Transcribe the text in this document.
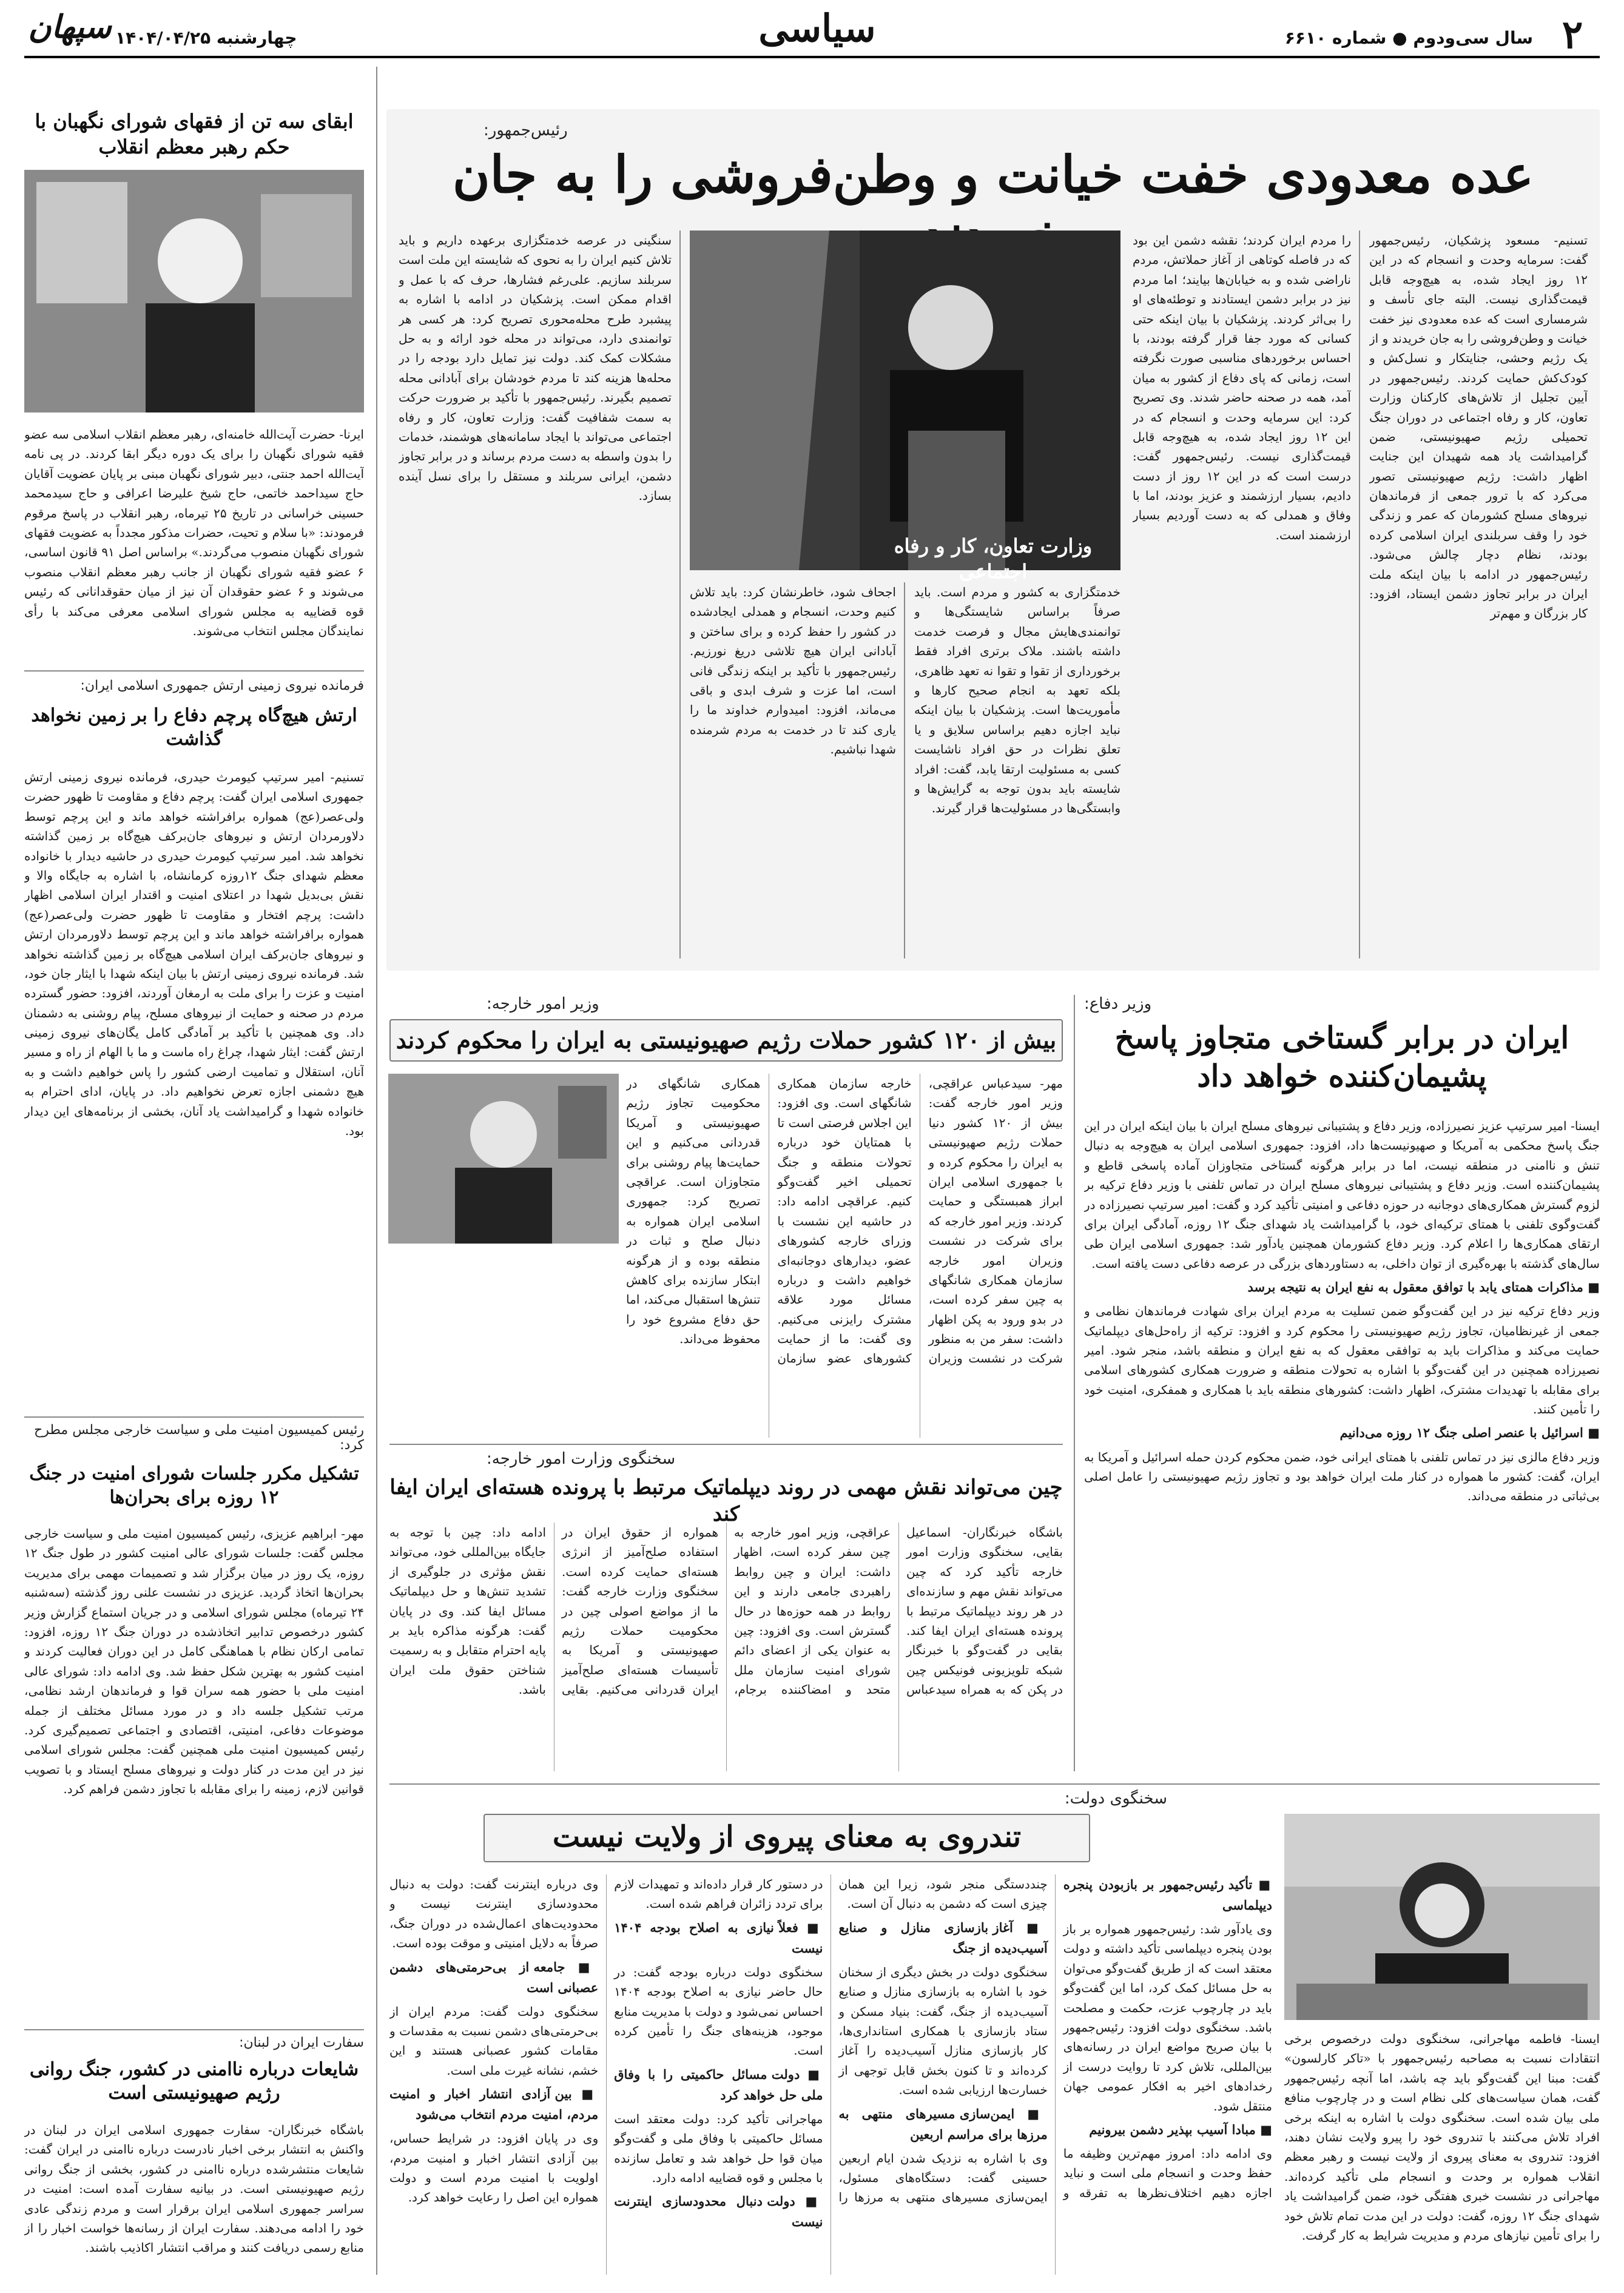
۲
سال سی‌ودوم ● شماره ۶۶۱۰
سیاسی
چهارشنبه ۱۴۰۴/۰۴/۲۵
سپهان
ابقای سه تن از فقهای شورای نگهبان با حکم رهبر معظم انقلاب
ایرنا- حضرت آیت‌الله خامنه‌ای، رهبر معظم انقلاب اسلامی سه عضو فقیه شورای نگهبان را برای یک دوره دیگر ابقا کردند. در پی نامه آیت‌الله احمد جنتی، دبیر شورای نگهبان مبنی بر پایان عضویت آقایان حاج سیداحمد خاتمی، حاج شیخ علیرضا اعرافی و حاج سیدمحمد حسینی خراسانی در تاریخ ۲۵ تیرماه، رهبر انقلاب در پاسخ مرقوم فرمودند: «با سلام و تحیت، حضرات مذکور مجدداً به عضویت فقهای شورای نگهبان منصوب می‌گردند.» براساس اصل ۹۱ قانون اساسی، ۶ عضو فقیه شورای نگهبان از جانب رهبر معظم انقلاب منصوب می‌شوند و ۶ عضو حقوقدان آن نیز از میان حقوقدانانی که رئیس قوه قضاییه به مجلس شورای اسلامی معرفی می‌کند با رأی نمایندگان مجلس انتخاب می‌شوند.
فرمانده نیروی زمینی ارتش جمهوری اسلامی ایران:
ارتش هیچ‌گاه پرچم دفاع را بر زمین نخواهد گذاشت
تسنیم- امیر سرتیپ کیومرث حیدری، فرمانده نیروی زمینی ارتش جمهوری اسلامی ایران گفت: پرچم دفاع و مقاومت تا ظهور حضرت ولی‌عصر(عج) همواره برافراشته خواهد ماند و این پرچم توسط دلاورمردان ارتش و نیروهای جان‌برکف هیچ‌گاه بر زمین گذاشته نخواهد شد. امیر سرتیپ کیومرث حیدری در حاشیه دیدار با خانواده معظم شهدای جنگ ۱۲روزه کرمانشاه، با اشاره به جایگاه والا و نقش بی‌بدیل شهدا در اعتلای امنیت و اقتدار ایران اسلامی اظهار داشت: پرچم افتخار و مقاومت تا ظهور حضرت ولی‌عصر(عج) همواره برافراشته خواهد ماند و این پرچم توسط دلاورمردان ارتش و نیروهای جان‌برکف ایران اسلامی هیچ‌گاه بر زمین گذاشته نخواهد شد. فرمانده نیروی زمینی ارتش با بیان اینکه شهدا با ایثار جان خود، امنیت و عزت را برای ملت به ارمغان آوردند، افزود: حضور گسترده مردم در صحنه و حمایت از نیروهای مسلح، پیام روشنی به دشمنان داد. وی همچنین با تأکید بر آمادگی کامل یگان‌های نیروی زمینی ارتش گفت: ایثار شهدا، چراغ راه ماست و ما با الهام از راه و مسیر آنان، استقلال و تمامیت ارضی کشور را پاس خواهیم داشت و به هیچ دشمنی اجازه تعرض نخواهیم داد. در پایان، ادای احترام به خانواده شهدا و گرامیداشت یاد آنان، بخشی از برنامه‌های این دیدار بود.
رئیس کمیسیون امنیت ملی و سیاست خارجی مجلس مطرح کرد:
تشکیل مکرر جلسات شورای امنیت در جنگ ۱۲ روزه برای بحران‌ها
مهر- ابراهیم عزیزی، رئیس کمیسیون امنیت ملی و سیاست خارجی مجلس گفت: جلسات شورای عالی امنیت کشور در طول جنگ ۱۲ روزه، یک روز در میان برگزار شد و تصمیمات مهمی برای مدیریت بحران‌ها اتخاذ گردید. عزیزی در نشست علنی روز گذشته (سه‌شنبه ۲۴ تیرماه) مجلس شورای اسلامی و در جریان استماع گزارش وزیر کشور درخصوص تدابیر اتخاذشده در دوران جنگ ۱۲ روزه، افزود: تمامی ارکان نظام با هماهنگی کامل در این دوران فعالیت کردند و امنیت کشور به بهترین شکل حفظ شد. وی ادامه داد: شورای عالی امنیت ملی با حضور همه سران قوا و فرماندهان ارشد نظامی، مرتب تشکیل جلسه داد و در مورد مسائل مختلف از جمله موضوعات دفاعی، امنیتی، اقتصادی و اجتماعی تصمیم‌گیری کرد. رئیس کمیسیون امنیت ملی همچنین گفت: مجلس شورای اسلامی نیز در این مدت در کنار دولت و نیروهای مسلح ایستاد و با تصویب قوانین لازم، زمینه را برای مقابله با تجاوز دشمن فراهم کرد.
سفارت ایران در لبنان:
شایعات درباره ناامنی در کشور، جنگ روانی رژیم صهیونیستی است
باشگاه خبرنگاران- سفارت جمهوری اسلامی ایران در لبنان در واکنش به انتشار برخی اخبار نادرست درباره ناامنی در ایران گفت: شایعات منتشرشده درباره ناامنی در کشور، بخشی از جنگ روانی رژیم صهیونیستی است. در بیانیه سفارت آمده است: امنیت در سراسر جمهوری اسلامی ایران برقرار است و مردم زندگی عادی خود را ادامه می‌دهند. سفارت ایران از رسانه‌ها خواست اخبار را از منابع رسمی دریافت کنند و مراقب انتشار اکاذیب باشند.
رئیس‌جمهور:
عده معدودی خفت خیانت و وطن‌فروشی را به جان
تسنیم- مسعود پزشکیان، رئیس‌جمهور گفت: سرمایه وحدت و انسجام که در این ۱۲ روز ایجاد شده، به هیچ‌وجه قابل قیمت‌گذاری نیست. البته جای تأسف و شرمساری است که عده معدودی نیز خفت خیانت و وطن‌فروشی را به جان خریدند و از یک رژیم وحشی، جنایتکار و نسل‌کش و کودک‌کش حمایت کردند. رئیس‌جمهور در آیین تجلیل از تلاش‌های کارکنان وزارت تعاون، کار و رفاه اجتماعی در دوران جنگ تحمیلی رژیم صهیونیستی، ضمن گرامیداشت یاد همه شهیدان این جنایت اظهار داشت: رژیم صهیونیستی تصور می‌کرد که با ترور جمعی از فرماندهان نیروهای مسلح کشورمان که عمر و زندگی خود را وقف سربلندی ایران اسلامی کرده بودند، نظام دچار چالش می‌شود. رئیس‌جمهور در ادامه با بیان اینکه ملت ایران در برابر تجاوز دشمن ایستاد، افزود: کار بزرگان و مهم‌تر
را مردم ایران کردند؛ نقشه دشمن این بود که در فاصله کوتاهی از آغاز حملاتش، مردم ناراضی شده و به خیابان‌ها بیایند؛ اما مردم نیز در برابر دشمن ایستادند و توطئه‌های او را بی‌اثر کردند. پزشکیان با بیان اینکه حتی کسانی که مورد جفا قرار گرفته بودند، با احساس برخوردهای مناسبی صورت نگرفته است، زمانی که پای دفاع از کشور به میان آمد، همه در صحنه حاضر شدند. وی تصریح کرد: این سرمایه وحدت و انسجام که در این ۱۲ روز ایجاد شده، به هیچ‌وجه قابل قیمت‌گذاری نیست. رئیس‌جمهور گفت: درست است که در این ۱۲ روز از دست دادیم، بسیار ارزشمند و عزیز بودند، اما با وفاق و همدلی که به دست آوردیم بسیار ارزشمند است.
وزارت تعاون، کار و رفاه اجتماعی
خدمتگزاری به کشور و مردم است. باید صرفاً براساس شایستگی‌ها و توانمندی‌هایش مجال و فرصت خدمت داشته باشند. ملاک برتری افراد فقط برخورداری از تقوا و تقوا نه تعهد ظاهری، بلکه تعهد به انجام صحیح کارها و مأموریت‌ها است. پزشکیان با بیان اینکه نباید اجازه دهیم براساس سلایق و یا تعلق نظرات در حق افراد ناشایست کسی به مسئولیت ارتقا یابد، گفت: افراد شایسته باید بدون توجه به گرایش‌ها و وابستگی‌ها در مسئولیت‌ها قرار گیرند.
اجحاف شود، خاطرنشان کرد: باید تلاش کنیم وحدت، انسجام و همدلی ایجادشده در کشور را حفظ کرده و برای ساختن و آبادانی ایران هیچ تلاشی دریغ نورزیم. رئیس‌جمهور با تأکید بر اینکه زندگی فانی است، اما عزت و شرف ابدی و باقی می‌ماند، افزود: امیدوارم خداوند ما را یاری کند تا در خدمت به مردم شرمنده شهدا نباشیم.
سنگینی در عرصه خدمتگزاری برعهده داریم و باید تلاش کنیم ایران را به نحوی که شایسته این ملت است سربلند سازیم. علی‌رغم فشارها، حرف که با عمل و اقدام ممکن است. پزشکیان در ادامه با اشاره به پیشبرد طرح محله‌محوری تصریح کرد: هر کسی هر توانمندی دارد، می‌تواند در محله خود ارائه و به حل مشکلات کمک کند. دولت نیز تمایل دارد بودجه را در محله‌ها هزینه کند تا مردم خودشان برای آبادانی محله تصمیم بگیرند. رئیس‌جمهور با تأکید بر ضرورت حرکت به سمت شفافیت گفت: وزارت تعاون، کار و رفاه اجتماعی می‌تواند با ایجاد سامانه‌های هوشمند، خدمات را بدون واسطه به دست مردم برساند و در برابر تجاوز دشمن، ایرانی سربلند و مستقل را برای نسل آینده بسازد.
وزیر دفاع:
ایران در برابر گستاخی متجاوز پاسخ پشیمان‌کننده خواهد داد

ایسنا- امیر سرتیپ عزیز نصیرزاده، وزیر دفاع و پشتیبانی نیروهای مسلح ایران با بیان اینکه ایران در این جنگ پاسخ محکمی به آمریکا و صهیونیست‌ها داد، افزود: جمهوری اسلامی ایران به هیچ‌وجه به دنبال تنش و ناامنی در منطقه نیست، اما در برابر هرگونه گستاخی متجاوزان آماده پاسخی قاطع و پشیمان‌کننده است. وزیر دفاع و پشتیبانی نیروهای مسلح ایران در تماس تلفنی با وزیر دفاع ترکیه بر لزوم گسترش همکاری‌های دوجانبه در حوزه دفاعی و امنیتی تأکید کرد و گفت: امیر سرتیپ نصیرزاده در گفت‌وگوی تلفنی با همتای ترکیه‌ای خود، با گرامیداشت یاد شهدای جنگ ۱۲ روزه، آمادگی ایران برای ارتقای همکاری‌ها را اعلام کرد. وزیر دفاع کشورمان همچنین یادآور شد: جمهوری اسلامی ایران طی سال‌های گذشته با بهره‌گیری از توان داخلی، به دستاوردهای بزرگی در عرصه دفاعی دست یافته است.

■ مذاکرات همتای یابد با توافق معقول به نفع ایران به نتیجه برسد

وزیر دفاع ترکیه نیز در این گفت‌وگو ضمن تسلیت به مردم ایران برای شهادت فرماندهان نظامی و جمعی از غیرنظامیان، تجاوز رژیم صهیونیستی را محکوم کرد و افزود: ترکیه از راه‌حل‌های دیپلماتیک حمایت می‌کند و مذاکرات باید به توافقی معقول که به نفع ایران و منطقه باشد، منجر شود. امیر نصیرزاده همچنین در این گفت‌وگو با اشاره به تحولات منطقه و ضرورت همکاری کشورهای اسلامی برای مقابله با تهدیدات مشترک، اظهار داشت: کشورهای منطقه باید با همکاری و همفکری، امنیت خود را تأمین کنند.

■ اسرائیل با عنصر اصلی جنگ ۱۲ روزه می‌دانیم

وزیر دفاع مالزی نیز در تماس تلفنی با همتای ایرانی خود، ضمن محکوم کردن حمله اسرائیل و آمریکا به ایران، گفت: کشور ما همواره در کنار ملت ایران خواهد بود و تجاوز رژیم صهیونیستی را عامل اصلی بی‌ثباتی در منطقه می‌داند.

وزیر امور خارجه:
بیش از ۱۲۰ کشور حملات رژیم صهیونیستی به ایران را محکوم کردند
مهر- سیدعباس عراقچی، وزیر امور خارجه گفت: بیش از ۱۲۰ کشور دنیا حملات رژیم صهیونیستی به ایران را محکوم کرده و با جمهوری اسلامی ایران ابراز همبستگی و حمایت کردند. وزیر امور خارجه که برای شرکت در نشست وزیران امور خارجه سازمان همکاری شانگهای به چین سفر کرده است، در بدو ورود به پکن اظهار داشت: سفر من به منظور شرکت در نشست وزیران خارجه سازمان همکاری شانگهای است. وی افزود: این اجلاس فرصتی است تا با همتایان خود درباره تحولات منطقه و جنگ تحمیلی اخیر گفت‌وگو کنیم. عراقچی ادامه داد: در حاشیه این نشست با وزرای خارجه کشورهای عضو، دیدارهای دوجانبه‌ای خواهیم داشت و درباره مسائل مورد علاقه مشترک رایزنی می‌کنیم. وی گفت: ما از حمایت کشورهای عضو سازمان همکاری شانگهای در محکومیت تجاوز رژیم صهیونیستی و آمریکا قدردانی می‌کنیم و این حمایت‌ها پیام روشنی برای متجاوزان است. عراقچی تصریح کرد: جمهوری اسلامی ایران همواره به دنبال صلح و ثبات در منطقه بوده و از هرگونه ابتکار سازنده برای کاهش تنش‌ها استقبال می‌کند، اما حق دفاع مشروع خود را محفوظ می‌داند.
سخنگوی وزارت امور خارجه:
چین می‌تواند نقش مهمی در روند دیپلماتیک مرتبط با پرونده هسته‌ای ایران ایفا کند
باشگاه خبرنگاران- اسماعیل بقایی، سخنگوی وزارت امور خارجه تأکید کرد که چین می‌تواند نقش مهم و سازنده‌ای در هر روند دیپلماتیک مرتبط با پرونده هسته‌ای ایران ایفا کند. بقایی در گفت‌وگو با خبرنگار شبکه تلویزیونی فونیکس چین در پکن که به همراه سیدعباس عراقچی، وزیر امور خارجه به چین سفر کرده است، اظهار داشت: ایران و چین روابط راهبردی جامعی دارند و این روابط در همه حوزه‌ها در حال گسترش است. وی افزود: چین به عنوان یکی از اعضای دائم شورای امنیت سازمان ملل متحد و امضاکننده برجام، همواره از حقوق ایران در استفاده صلح‌آمیز از انرژی هسته‌ای حمایت کرده است. سخنگوی وزارت خارجه گفت: ما از مواضع اصولی چین در محکومیت حملات رژیم صهیونیستی و آمریکا به تأسیسات هسته‌ای صلح‌آمیز ایران قدردانی می‌کنیم. بقایی ادامه داد: چین با توجه به جایگاه بین‌المللی خود، می‌تواند نقش مؤثری در جلوگیری از تشدید تنش‌ها و حل دیپلماتیک مسائل ایفا کند. وی در پایان گفت: هرگونه مذاکره باید بر پایه احترام متقابل و به رسمیت شناختن حقوق ملت ایران باشد.
سخنگوی دولت:
تندروی به معنای پیروی از ولایت نیست

ایسنا- فاطمه مهاجرانی، سخنگوی دولت درخصوص برخی انتقادات نسبت به مصاحبه رئیس‌جمهور با «تاکر کارلسون» گفت: مبنا این گفت‌وگو باید چه باشد، اما آنچه رئیس‌جمهور گفت، همان سیاست‌های کلی نظام است و در چارچوب منافع ملی بیان شده است. سخنگوی دولت با اشاره به اینکه برخی افراد تلاش می‌کنند با تندروی خود را پیرو ولایت نشان دهند، افزود: تندروی به معنای پیروی از ولایت نیست و رهبر معظم انقلاب همواره بر وحدت و انسجام ملی تأکید کرده‌اند. مهاجرانی در نشست خبری هفتگی خود، ضمن گرامیداشت یاد شهدای جنگ ۱۲ روزه، گفت: دولت در این مدت تمام تلاش خود را برای تأمین نیازهای مردم و مدیریت شرایط به کار گرفت.

■ تأکید رئیس‌جمهور بر بازبودن پنجره دیپلماسی

وی یادآور شد: رئیس‌جمهور همواره بر باز بودن پنجره دیپلماسی تأکید داشته و دولت معتقد است که از طریق گفت‌وگو می‌توان به حل مسائل کمک کرد، اما این گفت‌وگو باید در چارچوب عزت، حکمت و مصلحت باشد. سخنگوی دولت افزود: رئیس‌جمهور با بیان صریح مواضع ایران در رسانه‌های بین‌المللی، تلاش کرد تا روایت درست از رخدادهای اخیر به افکار عمومی جهان منتقل شود.

■ مبادا آسیب بپذیر دشمن بیرونیم

وی ادامه داد: امروز مهم‌ترین وظیفه ما حفظ وحدت و انسجام ملی است و نباید اجازه دهیم اختلاف‌نظرها به تفرقه و چنددستگی منجر شود، زیرا این همان چیزی است که دشمن به دنبال آن است.

■ آغاز بازسازی منازل و صنایع آسیب‌دیده از جنگ

سخنگوی دولت در بخش دیگری از سخنان خود با اشاره به بازسازی منازل و صنایع آسیب‌دیده از جنگ، گفت: بنیاد مسکن و ستاد بازسازی با همکاری استانداری‌ها، کار بازسازی منازل آسیب‌دیده را آغاز کرده‌اند و تا کنون بخش قابل توجهی از خسارت‌ها ارزیابی شده است.

■ ایمن‌سازی مسیرهای منتهی به مرزها برای مراسم اربعین

وی با اشاره به نزدیک شدن ایام اربعین حسینی گفت: دستگاه‌های مسئول، ایمن‌سازی مسیرهای منتهی به مرزها را در دستور کار قرار داده‌اند و تمهیدات لازم برای تردد زائران فراهم شده است.

■ فعلاً نیازی به اصلاح بودجه ۱۴۰۴ نیست

سخنگوی دولت درباره بودجه گفت: در حال حاضر نیازی به اصلاح بودجه ۱۴۰۴ احساس نمی‌شود و دولت با مدیریت منابع موجود، هزینه‌های جنگ را تأمین کرده است.

■ دولت مسائل حاکمیتی را با وفاق ملی حل خواهد کرد

مهاجرانی تأکید کرد: دولت معتقد است مسائل حاکمیتی با وفاق ملی و گفت‌وگو میان قوا حل خواهد شد و تعامل سازنده با مجلس و قوه قضاییه ادامه دارد.

■ دولت دنبال محدودسازی اینترنت نیست

وی درباره اینترنت گفت: دولت به دنبال محدودسازی اینترنت نیست و محدودیت‌های اعمال‌شده در دوران جنگ، صرفاً به دلایل امنیتی و موقت بوده است.

■ جامعه از بی‌حرمتی‌های دشمن عصبانی است

سخنگوی دولت گفت: مردم ایران از بی‌حرمتی‌های دشمن نسبت به مقدسات و مقامات کشور عصبانی هستند و این خشم، نشانه غیرت ملی است.

■ بین آزادی انتشار اخبار و امنیت مردم، امنیت مردم انتخاب می‌شود

وی در پایان افزود: در شرایط حساس، بین آزادی انتشار اخبار و امنیت مردم، اولویت با امنیت مردم است و دولت همواره این اصل را رعایت خواهد کرد.
